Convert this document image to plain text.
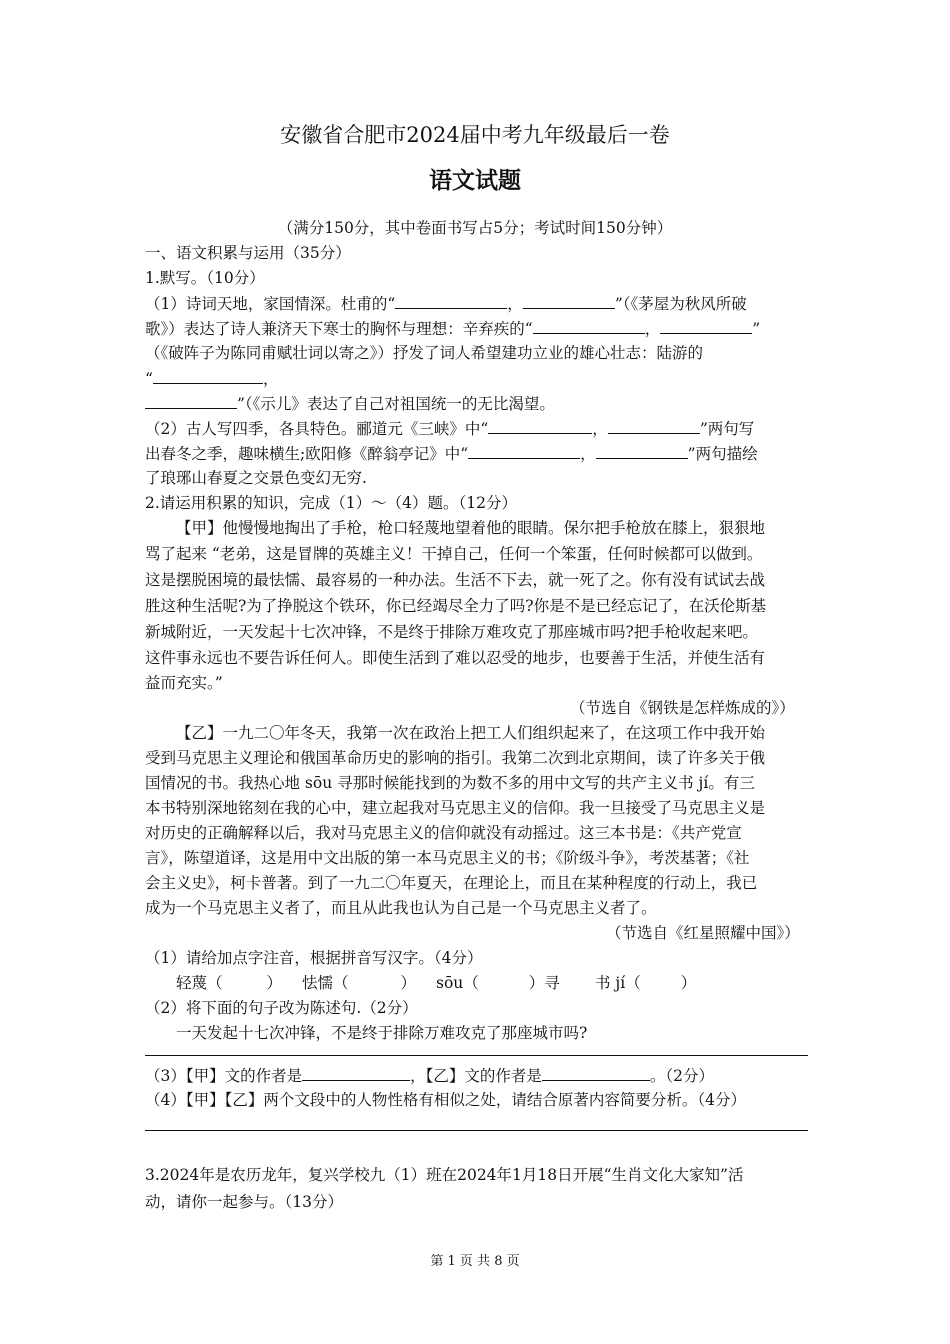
安徽省合肥市2024届中考九年级最后一卷
语文试题
（满分150分，其中卷面书写占5分；考试时间150分钟）
一、语文积累与运用（35分）
1.默写。（10分）
（1）诗词天地，家国情深。杜甫的“	，	”（《茅屋为秋风所破
歌》）表达了诗人兼济天下寒士的胸怀与理想：辛弃疾的“	，	”
（《破阵子为陈同甫赋壮词以寄之》）抒发了词人希望建功立业的雄心壮志：陆游的
“	，
”（《示儿》表达了自己对祖国统一的无比渴望。
（2）古人写四季，各具特色。郦道元《三峡》中“	，	”两句写
出春冬之季，趣味横生;欧阳修《醉翁亭记》中“	，	”两句描绘
了琅琊山春夏之交景色变幻无穷.
2.请运用积累的知识，完成（1）～（4）题。（12分）
【甲】他慢慢地掏出了手枪，枪口轻蔑地望着他的眼睛。保尔把手枪放在膝上，狠狠地
骂了起来 “老弟，这是冒牌的英雄主义！干掉自己，任何一个笨蛋，任何时候都可以做到。
这是摆脱困境的最怯懦、最容易的一种办法。生活不下去，就一死了之。你有没有试试去战
胜这种生活呢?为了挣脱这个铁环，你已经竭尽全力了吗?你是不是已经忘记了，在沃伦斯基
新城附近，一天发起十七次冲锋，不是终于排除万难攻克了那座城市吗?把手枪收起来吧。
这件事永远也不要告诉任何人。即使生活到了难以忍受的地步，也要善于生活，并使生活有
益而充实。”
（节选自《钢铁是怎样炼成的》）
【乙】一九二〇年冬天，我第一次在政治上把工人们组织起来了，在这项工作中我开始
受到马克思主义理论和俄国革命历史的影响的指引。我第二次到北京期间，读了许多关于俄
国情况的书。我热心地 sōu 寻那时候能找到的为数不多的用中文写的共产主义书 jí。有三
本书特别深地铭刻在我的心中，建立起我对马克思主义的信仰。我一旦接受了马克思主义是
对历史的正确解释以后，我对马克思主义的信仰就没有动摇过。这三本书是：《共产党宣
言》，陈望道译，这是用中文出版的第一本马克思主义的书；《阶级斗争》，考茨基著；《社
会主义史》，柯卡普著。到了一九二〇年夏天，在理论上，而且在某种程度的行动上，我已
成为一个马克思主义者了，而且从此我也认为自己是一个马克思主义者了。
（节选自《红星照耀中国》）
（1）请给加点字注音，根据拼音写汉字。（4分）
轻蔑（	） 怯懦（	） sōu（	）寻 书 jí（	）
（2）将下面的句子改为陈述句.（2分）
一天发起十七次冲锋，不是终于排除万难攻克了那座城市吗?
（3）【甲】文的作者是	，【乙】文的作者是	。（2分）
（4）【甲】【乙】两个文段中的人物性格有相似之处，请结合原著内容简要分析。（4分）
3.2024年是农历龙年，复兴学校九（1）班在2024年1月18日开展“生肖文化大家知”活
动，请你一起参与。（13分）
第 1 页 共 8 页
